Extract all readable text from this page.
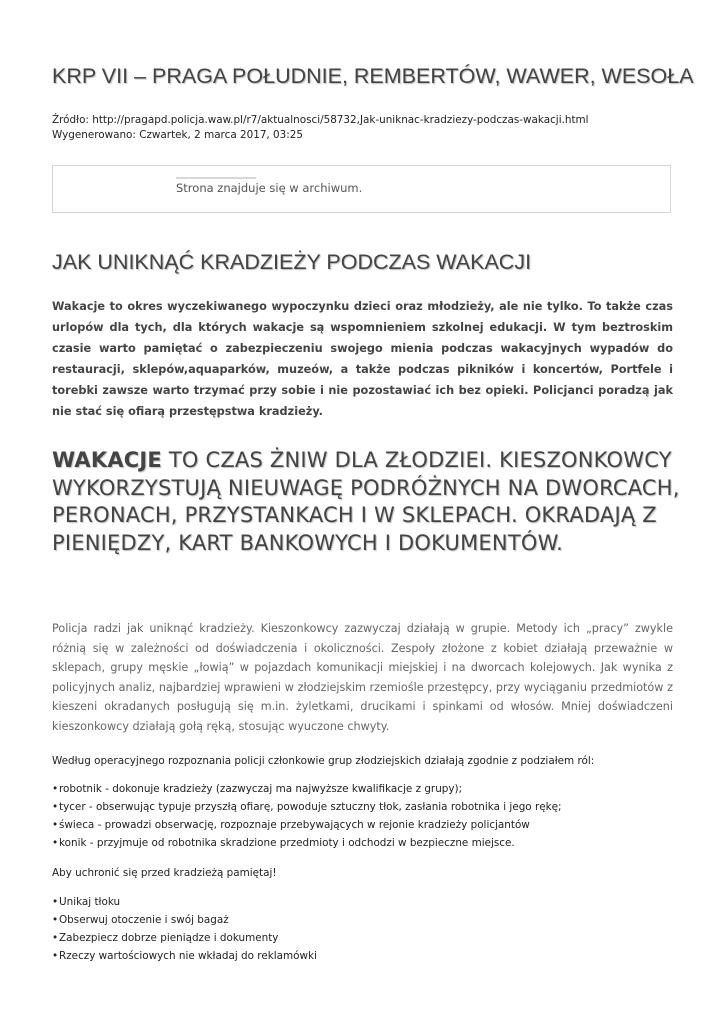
KRP VII – PRAGA POŁUDNIE, REMBERTÓW, WAWER, WESOŁA
Źródło: http://pragapd.policja.waw.pl/r7/aktualnosci/58732,Jak-uniknac-kradziezy-podczas-wakacji.html
Wygenerowano: Czwartek, 2 marca 2017, 03:25
Strona znajduje się w archiwum.
JAK UNIKNĄĆ KRADZIEŻY PODCZAS WAKACJI

Wakacje to okres wyczekiwanego wypoczynku dzieci oraz młodzieży, ale nie tylko. To także czas urlopów dla tych, dla których wakacje są wspomnieniem szkolnej edukacji. W tym beztroskim czasie warto pamiętać o zabezpieczeniu swojego mienia podczas wakacyjnych wypadów do restauracji, sklepów,aquaparków, muzeów, a także podczas pikników i koncertów, Portfele i torebki zawsze warto trzymać przy sobie i nie pozostawiać ich bez opieki. Policjanci poradzą jak nie stać się ofiarą przestępstwa kradzieży.

WAKACJE TO CZAS ŻNIW DLA ZŁODZIEI. KIESZONKOWCY WYKORZYSTUJĄ NIEUWAGĘ PODRÓŻNYCH NA DWORCACH, PERONACH, PRZYSTANKACH I W SKLEPACH. OKRADAJĄ Z PIENIĘDZY, KART BANKOWYCH I DOKUMENTÓW.

Policja radzi jak uniknąć kradzieży. Kieszonkowcy zazwyczaj działają w grupie. Metody ich „pracy” zwykle różnią się w zależności od doświadczenia i okoliczności. Zespoły złożone z kobiet działają przeważnie w sklepach, grupy męskie „łowią” w pojazdach komunikacji miejskiej i na dworcach kolejowych. Jak wynika z policyjnych analiz, najbardziej wprawieni w złodziejskim rzemiośle przestępcy, przy wyciąganiu przedmiotów z kieszeni okradanych posługują się m.in. żyletkami, drucikami i spinkami od włosów. Mniej doświadczeni kieszonkowcy działają gołą ręką, stosując wyuczone chwyty.

Według operacyjnego rozpoznania policji członkowie grup złodziejskich działają zgodnie z podziałem ról:

•robotnik - dokonuje kradzieży (zazwyczaj ma najwyższe kwalifikacje z grupy);
•tycer - obserwując typuje przyszłą ofiarę, powoduje sztuczny tłok, zasłania robotnika i jego rękę;
•świeca - prowadzi obserwację, rozpoznaje przebywających w rejonie kradzieży policjantów
•konik - przyjmuje od robotnika skradzione przedmioty i odchodzi w bezpieczne miejsce.

Aby uchronić się przed kradzieżą pamiętaj!

•Unikaj tłoku
•Obserwuj otoczenie i swój bagaż
•Zabezpiecz dobrze pieniądze i dokumenty
•Rzeczy wartościowych nie wkładaj do reklamówki
